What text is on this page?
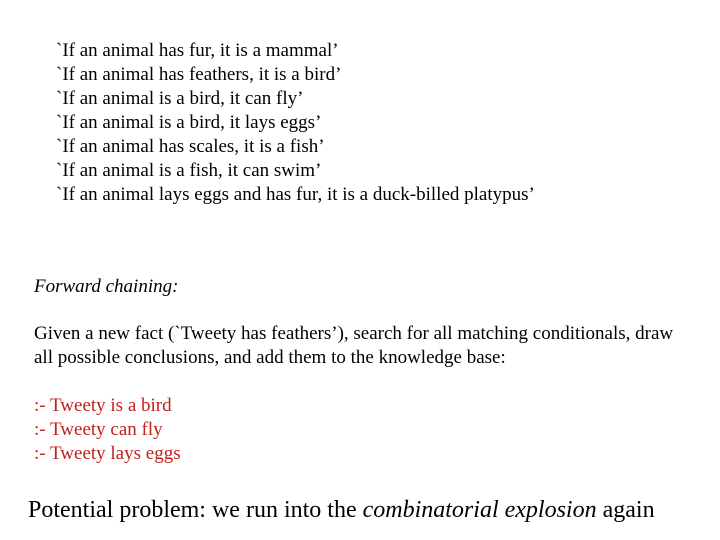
`If an animal has fur, it is a mammal’
`If an animal has feathers, it is a bird’
`If an animal is a bird, it can fly’
`If an animal is a bird, it lays eggs’
`If an animal has scales, it is a fish’
`If an animal is a fish, it can swim’
`If an animal lays eggs and has fur, it is a duck-billed platypus’
Forward chaining:
Given a new fact (`Tweety has feathers’), search for all matching conditionals, draw all possible conclusions, and add them to the knowledge base:
:- Tweety is a bird
:- Tweety can fly
:- Tweety lays eggs
Potential problem: we run into the combinatorial explosion again
